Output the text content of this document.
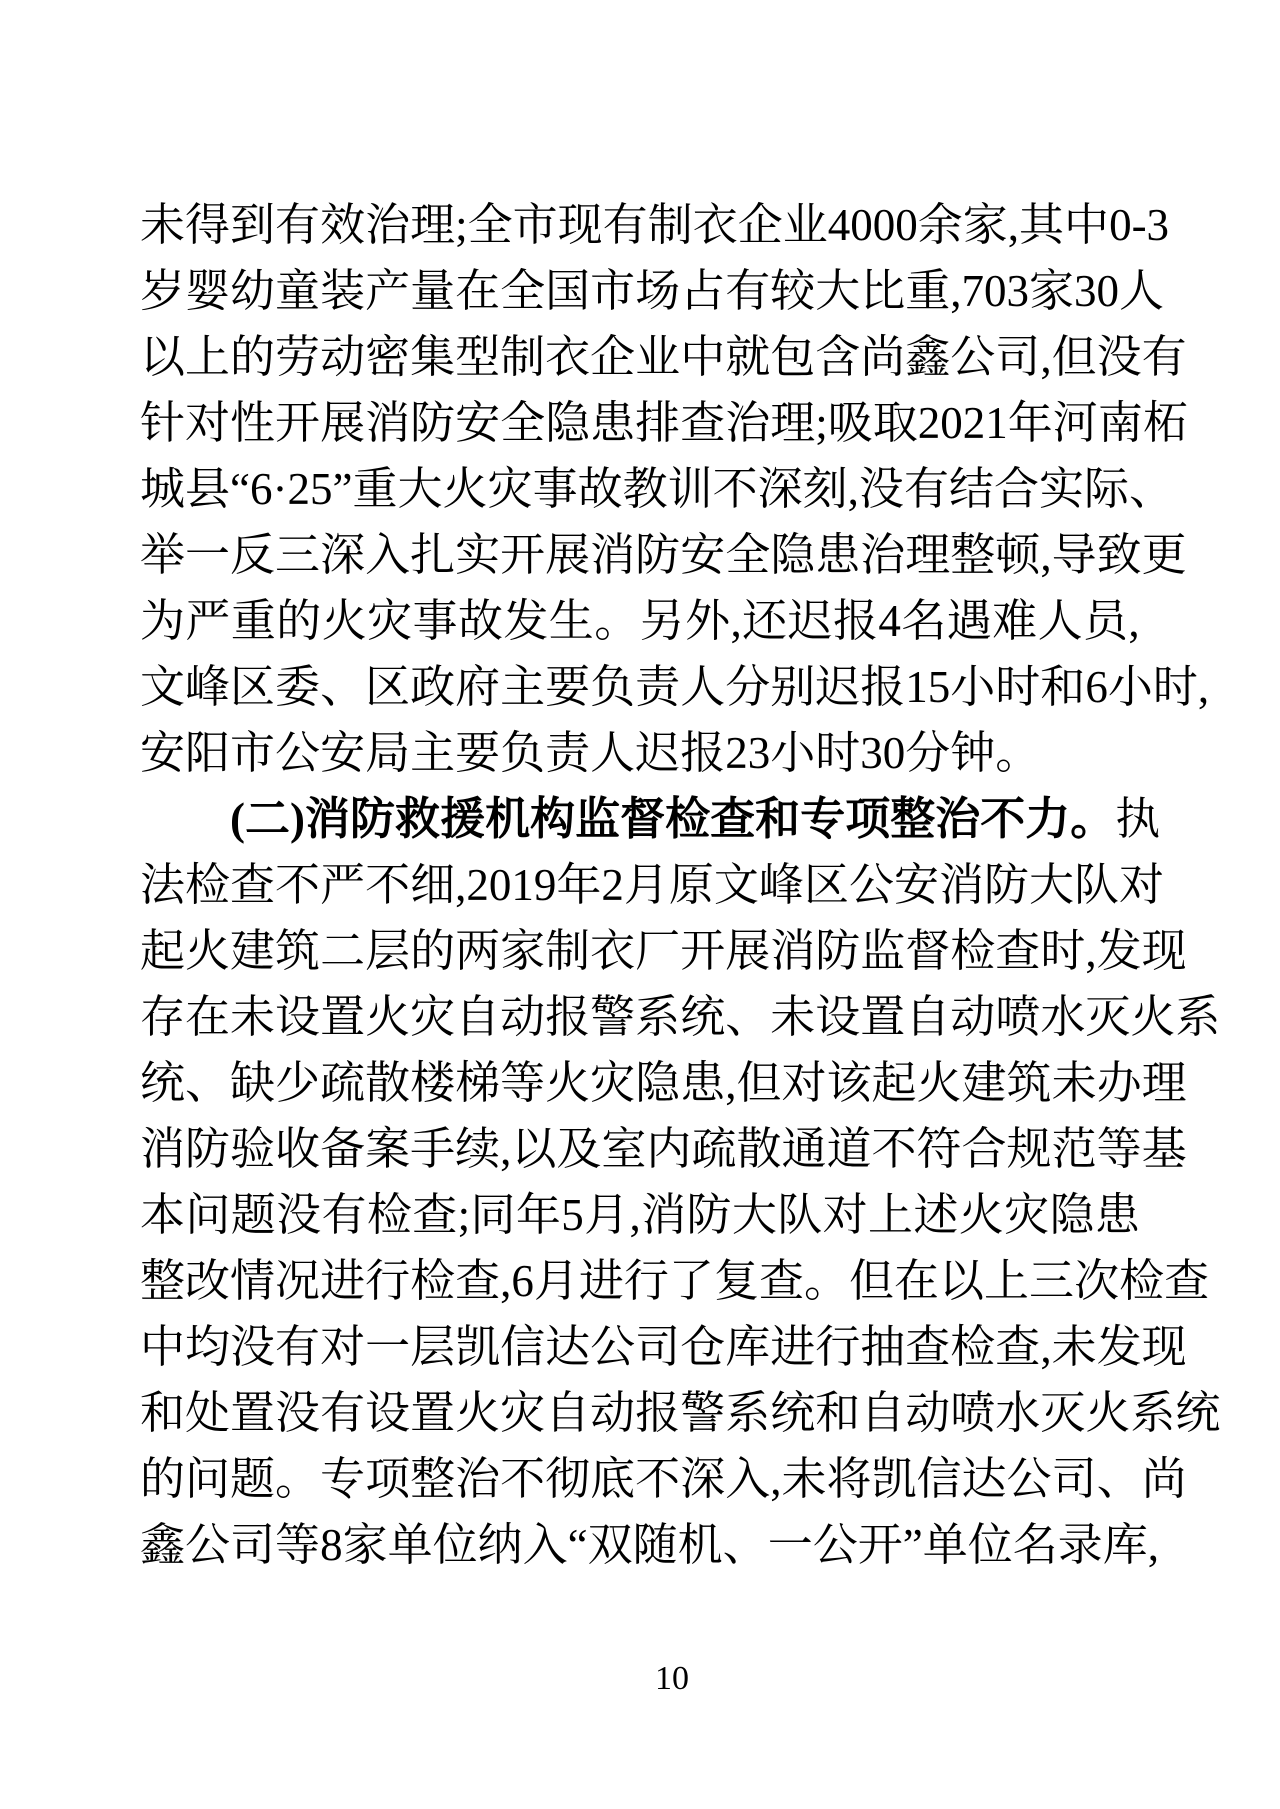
未 得 到 有 效 治 理 ; 全 市 现 有 制 衣 企 业 4000 余 家 , 其 中 0-3
岁 婴 幼 童 装 产 量 在 全 国 市 场 占 有 较 大 比 重 , 703 家 30 人
以 上 的 劳 动 密 集 型 制 衣 企 业 中 就 包 含 尚 鑫 公 司 , 但 没 有
针 对 性 开 展 消 防 安 全 隐 患 排 查 治 理 ; 吸 取 2021 年 河 南 柘
城 县 “ 6 · 25 ” 重 大 火 灾 事 故 教 训 不 深 刻 , 没 有 结 合 实 际 、
举 一 反 三 深 入 扎 实 开 展 消 防 安 全 隐 患 治 理 整 顿 , 导 致 更
为 严 重 的 火 灾 事 故 发 生 。 另 外 , 还 迟 报 4 名 遇 难 人 员 ,
文 峰 区 委 、 区 政 府 主 要 负 责 人 分 别 迟 报 15 小 时 和 6 小 时 ,
安 阳 市 公 安 局 主 要 负 责 人 迟 报 23 小 时 30 分 钟 。
( 二 ) 消 防 救 援 机 构 监 督 检 查 和 专 项 整 治 不 力 。 执
法 检 查 不 严 不 细 , 2019 年 2 月 原 文 峰 区 公 安 消 防 大 队 对
起 火 建 筑 二 层 的 两 家 制 衣 厂 开 展 消 防 监 督 检 查 时 , 发 现
存 在 未 设 置 火 灾 自 动 报 警 系 统 、 未 设 置 自 动 喷 水 灭 火 系
统 、 缺 少 疏 散 楼 梯 等 火 灾 隐 患 , 但 对 该 起 火 建 筑 未 办 理
消 防 验 收 备 案 手 续 , 以 及 室 内 疏 散 通 道 不 符 合 规 范 等 基
本 问 题 没 有 检 查 ; 同 年 5 月 , 消 防 大 队 对 上 述 火 灾 隐 患
整 改 情 况 进 行 检 查 , 6 月 进 行 了 复 查 。 但 在 以 上 三 次 检 查
中 均 没 有 对 一 层 凯 信 达 公 司 仓 库 进 行 抽 查 检 查 , 未 发 现
和 处 置 没 有 设 置 火 灾 自 动 报 警 系 统 和 自 动 喷 水 灭 火 系 统
的 问 题 。 专 项 整 治 不 彻 底 不 深 入 , 未 将 凯 信 达 公 司 、 尚
鑫 公 司 等 8 家 单 位 纳 入 “ 双 随 机 、 一 公 开 ” 单 位 名 录 库 ,
10
